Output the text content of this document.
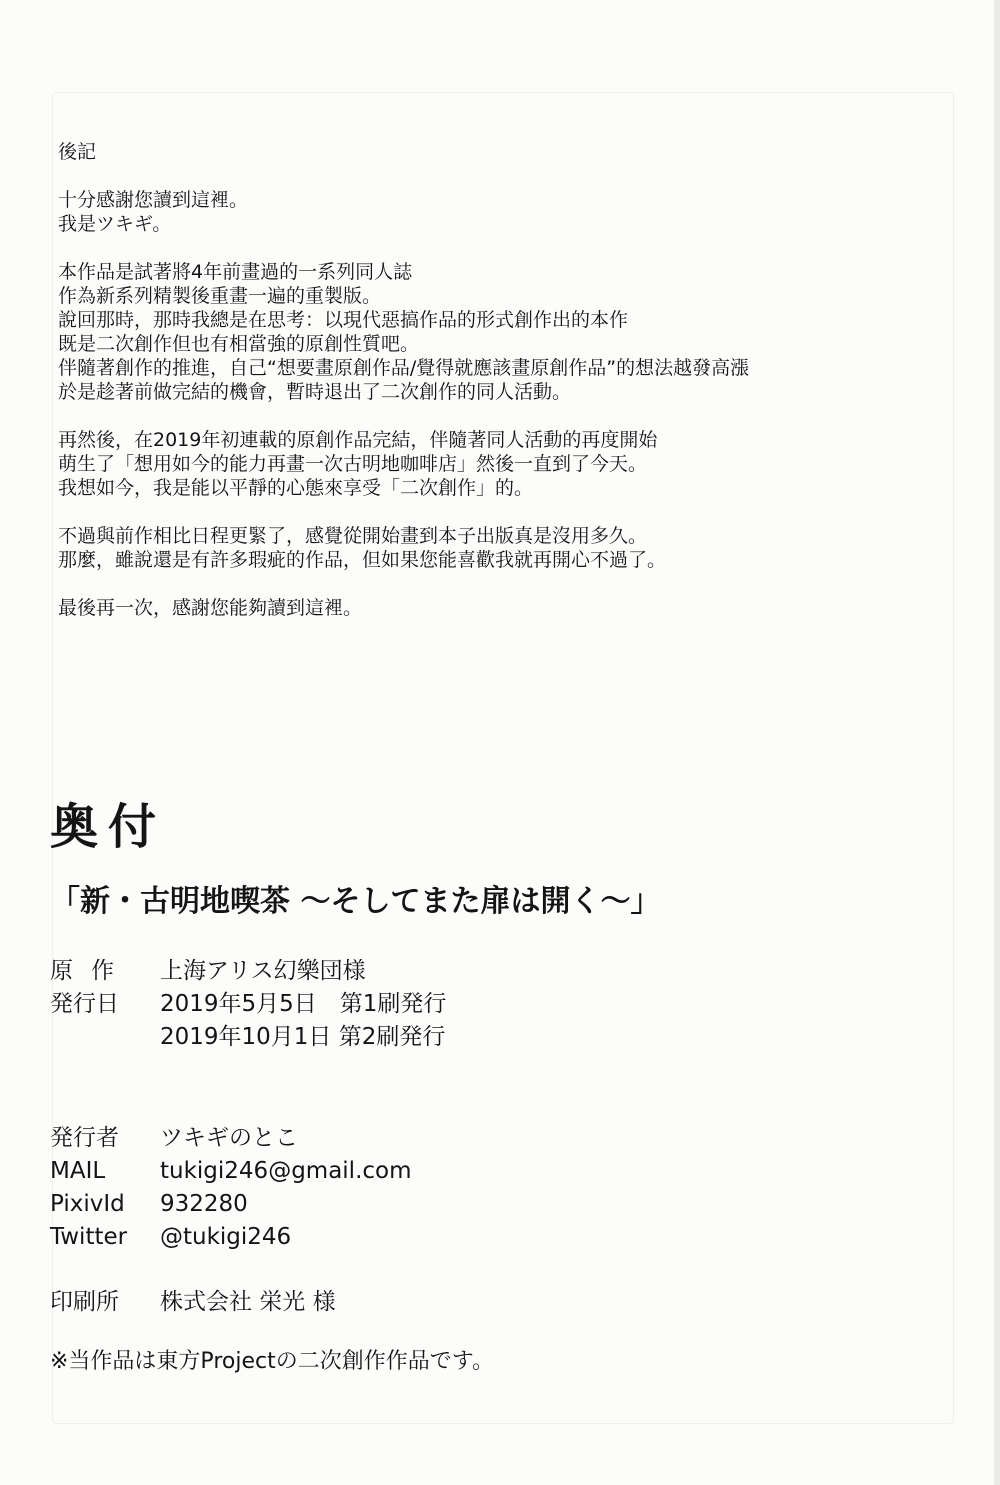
後記
十分感謝您讀到這裡。
我是ツキギ。
本作品是試著將4年前畫過的一系列同人誌
作為新系列精製後重畫一遍的重製版。
說回那時，那時我總是在思考：以現代惡搞作品的形式創作出的本作
既是二次創作但也有相當強的原創性質吧。
伴隨著創作的推進，自己“想要畫原創作品/覺得就應該畫原創作品”的想法越發高漲
於是趁著前做完結的機會，暫時退出了二次創作的同人活動。
再然後，在2019年初連載的原創作品完結，伴隨著同人活動的再度開始
萌生了「想用如今的能力再畫一次古明地咖啡店」然後一直到了今天。
我想如今，我是能以平靜的心態來享受「二次創作」的。
不過與前作相比日程更緊了，感覺從開始畫到本子出版真是沒用多久。
那麼，雖說還是有許多瑕疵的作品，但如果您能喜歡我就再開心不過了。
最後再一次，感謝您能夠讀到這裡。
奥付
「新・古明地喫茶 〜そしてまた扉は開く〜」
原作	上海アリス幻樂団様
発行日	2019年5月5日　第1刷発行
2019年10月1日 第2刷発行
発行者	ツキギのとこ
MAIL	tukigi246@gmail.com
PixivId	932280
Twitter	@tukigi246
印刷所	株式会社 栄光 様
※当作品は東方Projectの二次創作作品です。
